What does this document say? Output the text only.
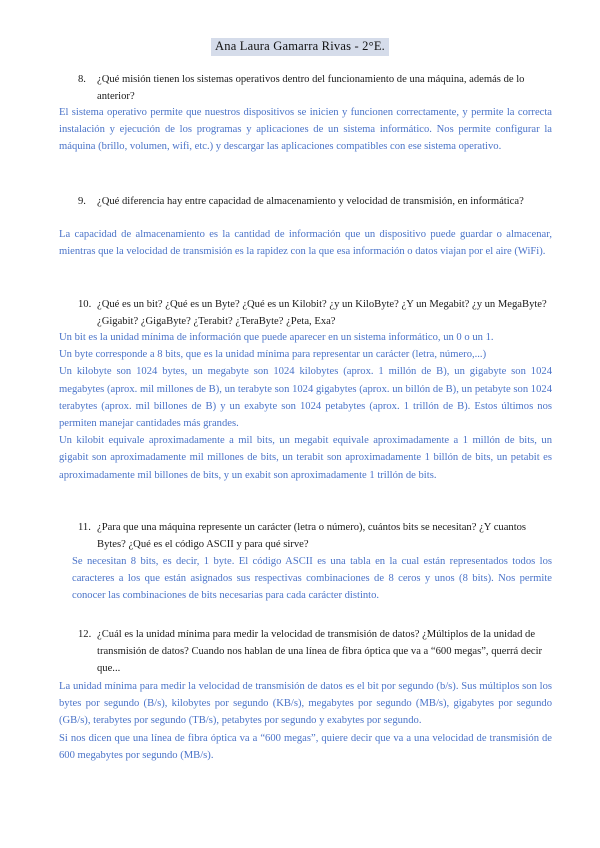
Ana Laura Gamarra Rivas - 2°E.
8.	¿Qué misión tienen los sistemas operativos dentro del funcionamiento de una máquina, además de lo anterior?

El sistema operativo permite que nuestros dispositivos se inicien y funcionen correctamente, y permite la correcta instalación y ejecución de los programas y aplicaciones de un sistema informático. Nos permite configurar la máquina (brillo, volumen, wifi, etc.) y descargar las aplicaciones compatibles con ese sistema operativo.

9.	¿Qué diferencia hay entre capacidad de almacenamiento y velocidad de transmisión, en informática?

La capacidad de almacenamiento es la cantidad de información que un dispositivo puede guardar o almacenar, mientras que la velocidad de transmisión es la rapidez con la que esa información o datos viajan por el aire (WiFi).

10. ¿Qué es un bit? ¿Qué es un Byte? ¿Qué es un Kilobit? ¿y un KiloByte? ¿Y un Megabit? ¿y un MegaByte? ¿Gigabit? ¿GigaByte? ¿Terabit? ¿TeraByte? ¿Peta, Exa?

Un bit es la unidad mínima de información que puede aparecer en un sistema informático, un 0 o un 1.

Un byte corresponde a 8 bits, que es la unidad mínima para representar un carácter (letra, número,...)

Un kilobyte son 1024 bytes, un megabyte son 1024 kilobytes (aprox. 1 millón de B), un gigabyte son 1024 megabytes (aprox. mil millones de B), un terabyte son 1024 gigabytes (aprox. un billón de B), un petabyte son 1024 terabytes (aprox. mil billones de B) y un exabyte son 1024 petabytes (aprox. 1 trillón de B). Estos últimos nos permiten manejar cantidades más grandes.

Un kilobit equivale aproximadamente a mil bits, un megabit equivale aproximadamente a 1 millón de bits, un gigabit son aproximadamente mil millones de bits, un terabit son aproximadamente 1 billón de bits, un petabit es aproximadamente mil billones de bits, y un exabit son aproximadamente 1 trillón de bits.

11. ¿Para que una máquina represente un carácter (letra o número), cuántos bits se necesitan? ¿Y cuantos Bytes? ¿Qué es el código ASCII y para qué sirve?

Se necesitan 8 bits, es decir, 1 byte. El código ASCII es una tabla en la cual están representados todos los caracteres a los que están asignados sus respectivas combinaciones de 8 ceros y unos (8 bits). Nos permite conocer las combinaciones de bits necesarias para cada carácter distinto.

12. ¿Cuál es la unidad mínima para medir la velocidad de transmisión de datos? ¿Múltiplos de la unidad de transmisión de datos? Cuando nos hablan de una línea de fibra óptica que va a “600 megas”, querrá decir que...

La unidad mínima para medir la velocidad de transmisión de datos es el bit por segundo (b/s). Sus múltiplos son los bytes por segundo (B/s), kilobytes por segundo (KB/s), megabytes por segundo (MB/s), gigabytes por segundo (GB/s), terabytes por segundo (TB/s), petabytes por segundo y exabytes por segundo.

Si nos dicen que una línea de fibra óptica va a “600 megas”, quiere decir que va a una velocidad de transmisión de 600 megabytes por segundo (MB/s).
